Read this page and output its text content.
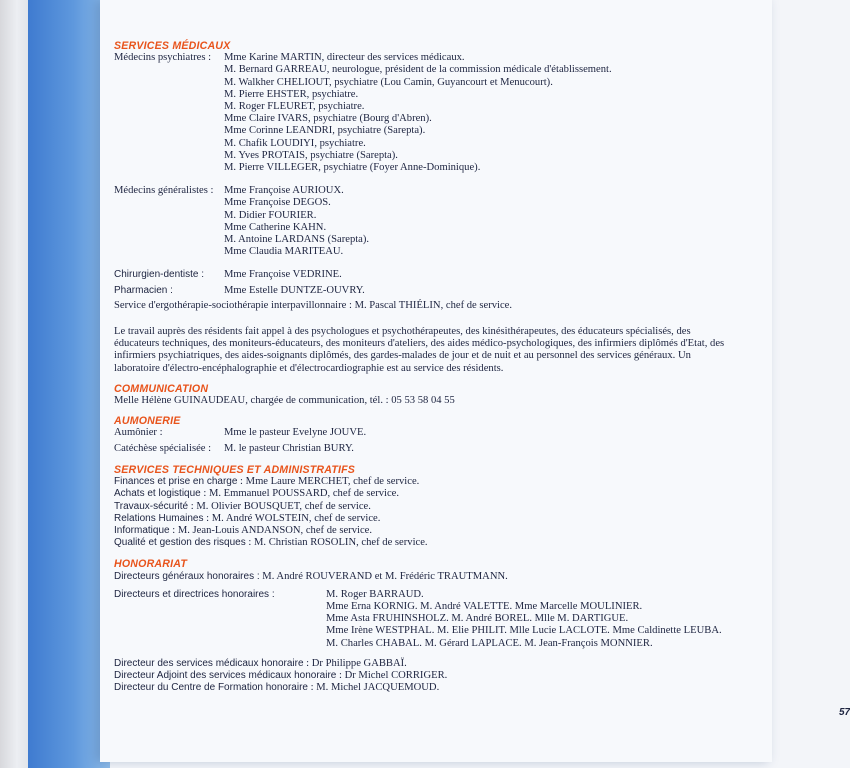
SERVICES MÉDICAUX
Médecins psychiatres :	Mme Karine MARTIN, directeur des services médicaux.
M. Bernard GARREAU, neurologue, président de la commission médicale d'établissement.
M. Walkher CHELIOUT, psychiatre (Lou Camin, Guyancourt et Menucourt).
M. Pierre EHSTER, psychiatre.
M. Roger FLEURET, psychiatre.
Mme Claire IVARS, psychiatre (Bourg d'Abren).
Mme Corinne LEANDRI, psychiatre (Sarepta).
M. Chafik LOUDIYI, psychiatre.
M. Yves PROTAIS, psychiatre (Sarepta).
M. Pierre VILLEGER, psychiatre (Foyer Anne-Dominique).
Médecins généralistes : Mme Françoise AURIOUX.
Mme Françoise DEGOS.
M. Didier FOURIER.
Mme Catherine KAHN.
M. Antoine LARDANS (Sarepta).
Mme Claudia MARITEAU.
Chirurgien-dentiste :	Mme Françoise VEDRINE.
Pharmacien :	Mme Estelle DUNTZE-OUVRY.
Service d'ergothérapie-sociothérapie interpavillonnaire : M. Pascal THIÉLIN, chef de service.
Le travail auprès des résidents fait appel à des psychologues et psychothérapeutes, des kinésithérapeutes, des éducateurs spécialisés, des éducateurs techniques, des moniteurs-éducateurs, des moniteurs d'ateliers, des aides médico-psychologiques, des infirmiers diplômés d'Etat, des infirmiers psychiatriques, des aides-soignants diplômés, des gardes-malades de jour et de nuit et au personnel des services généraux. Un laboratoire d'électro-encéphalographie et d'électrocardiographie est au service des résidents.
COMMUNICATION
Melle Hélène GUINAUDEAU, chargée de communication, tél. : 05 53 58 04 55
AUMONERIE
Aumônier :	Mme le pasteur Evelyne JOUVE.
Catéchèse spécialisée :	M. le pasteur Christian BURY.
SERVICES TECHNIQUES ET ADMINISTRATIFS
Finances et prise en charge : Mme Laure MERCHET, chef de service.
Achats et logistique : M. Emmanuel POUSSARD, chef de service.
Travaux-sécurité : M. Olivier BOUSQUET, chef de service.
Relations Humaines : M. André WOLSTEIN, chef de service.
Informatique : M. Jean-Louis ANDANSON, chef de service.
Qualité et gestion des risques : M. Christian ROSOLIN, chef de service.
HONORARIAT
Directeurs généraux honoraires : M. André ROUVERAND et M. Frédéric TRAUTMANN.
Directeurs et directrices honoraires :	M. Roger BARRAUD.
Mme Erna KORNIG. M. André VALETTE. Mme Marcelle MOULINIER.
Mme Asta FRUHINSHOLZ. M. André BOREL. Mlle M. DARTIGUE.
Mme Irène WESTPHAL. M. Elie PHILIT. Mlle Lucie LACLOTE. Mme Caldinette LEUBA.
M. Charles CHABAL. M. Gérard LAPLACE. M. Jean-François MONNIER.
Directeur des services médicaux honoraire : Dr Philippe GABBAÏ.
Directeur Adjoint des services médicaux honoraire : Dr Michel CORRIGER.
Directeur du Centre de Formation honoraire : M. Michel JACQUEMOUD.
57
